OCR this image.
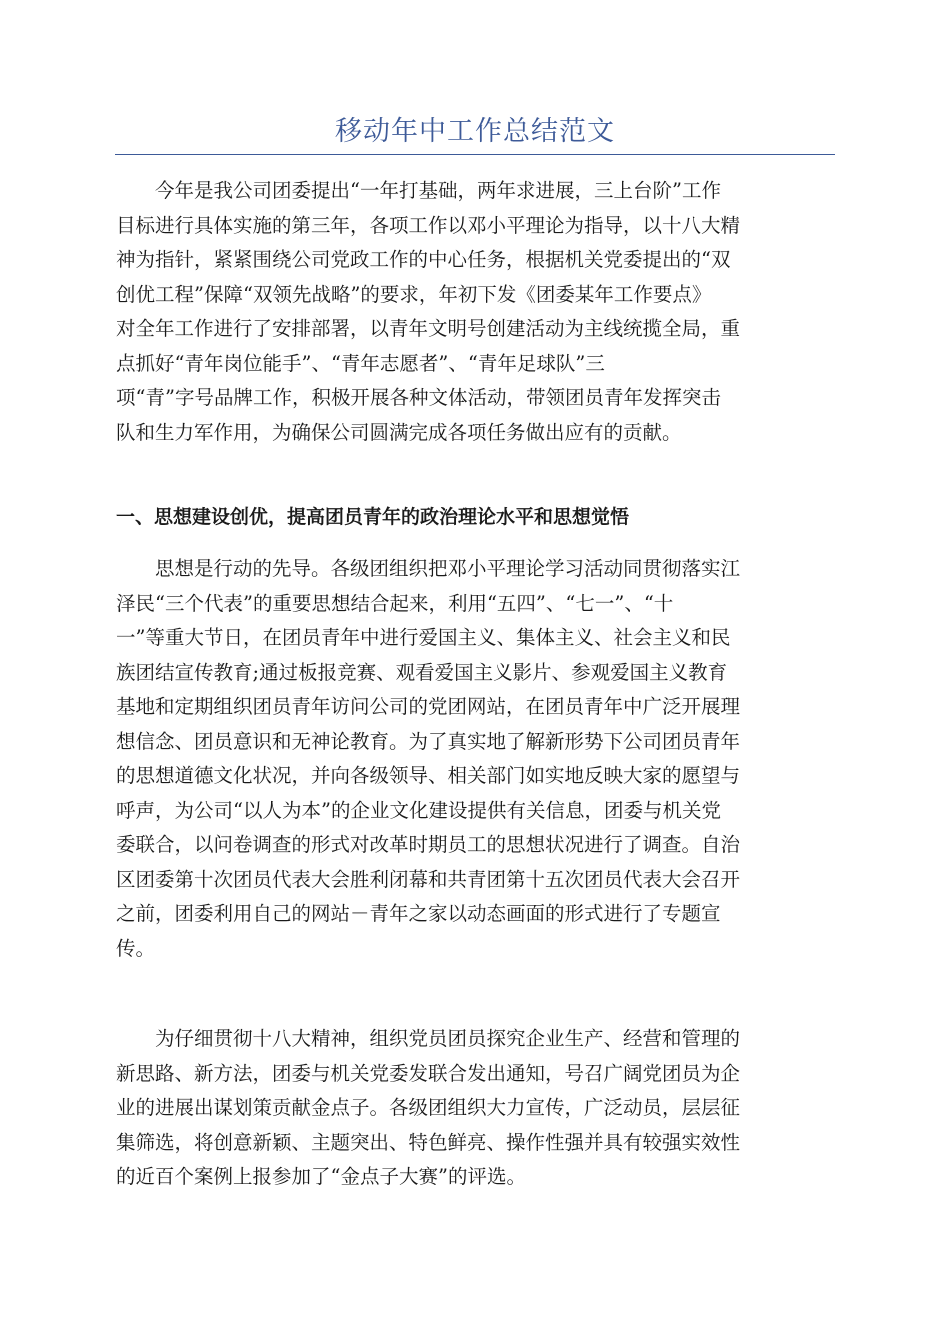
移动年中工作总结范文

　　今年是我公司团委提出“一年打基础，两年求进展，三上台阶”工作
目标进行具体实施的第三年，各项工作以邓小平理论为指导，以十八大精
神为指针，紧紧围绕公司党政工作的中心任务，根据机关党委提出的“双
创优工程”保障“双领先战略”的要求，年初下发《团委某年工作要点》
对全年工作进行了安排部署，以青年文明号创建活动为主线统揽全局，重
点抓好“青年岗位能手”、“青年志愿者”、“青年足球队”三
项“青”字号品牌工作，积极开展各种文体活动，带领团员青年发挥突击
队和生力军作用，为确保公司圆满完成各项任务做出应有的贡献。

一、思想建设创优，提高团员青年的政治理论水平和思想觉悟

　　思想是行动的先导。各级团组织把邓小平理论学习活动同贯彻落实江
泽民“三个代表”的重要思想结合起来，利用“五四”、“七一”、“十
一”等重大节日，在团员青年中进行爱国主义、集体主义、社会主义和民
族团结宣传教育;通过板报竞赛、观看爱国主义影片、参观爱国主义教育
基地和定期组织团员青年访问公司的党团网站，在团员青年中广泛开展理
想信念、团员意识和无神论教育。为了真实地了解新形势下公司团员青年
的思想道德文化状况，并向各级领导、相关部门如实地反映大家的愿望与
呼声，为公司“以人为本”的企业文化建设提供有关信息，团委与机关党
委联合，以问卷调查的形式对改革时期员工的思想状况进行了调查。自治
区团委第十次团员代表大会胜利闭幕和共青团第十五次团员代表大会召开
之前，团委利用自己的网站－青年之家以动态画面的形式进行了专题宣
传。

　　为仔细贯彻十八大精神，组织党员团员探究企业生产、经营和管理的
新思路、新方法，团委与机关党委发联合发出通知，号召广阔党团员为企
业的进展出谋划策贡献金点子。各级团组织大力宣传，广泛动员，层层征
集筛选，将创意新颖、主题突出、特色鲜亮、操作性强并具有较强实效性
的近百个案例上报参加了“金点子大赛”的评选。
